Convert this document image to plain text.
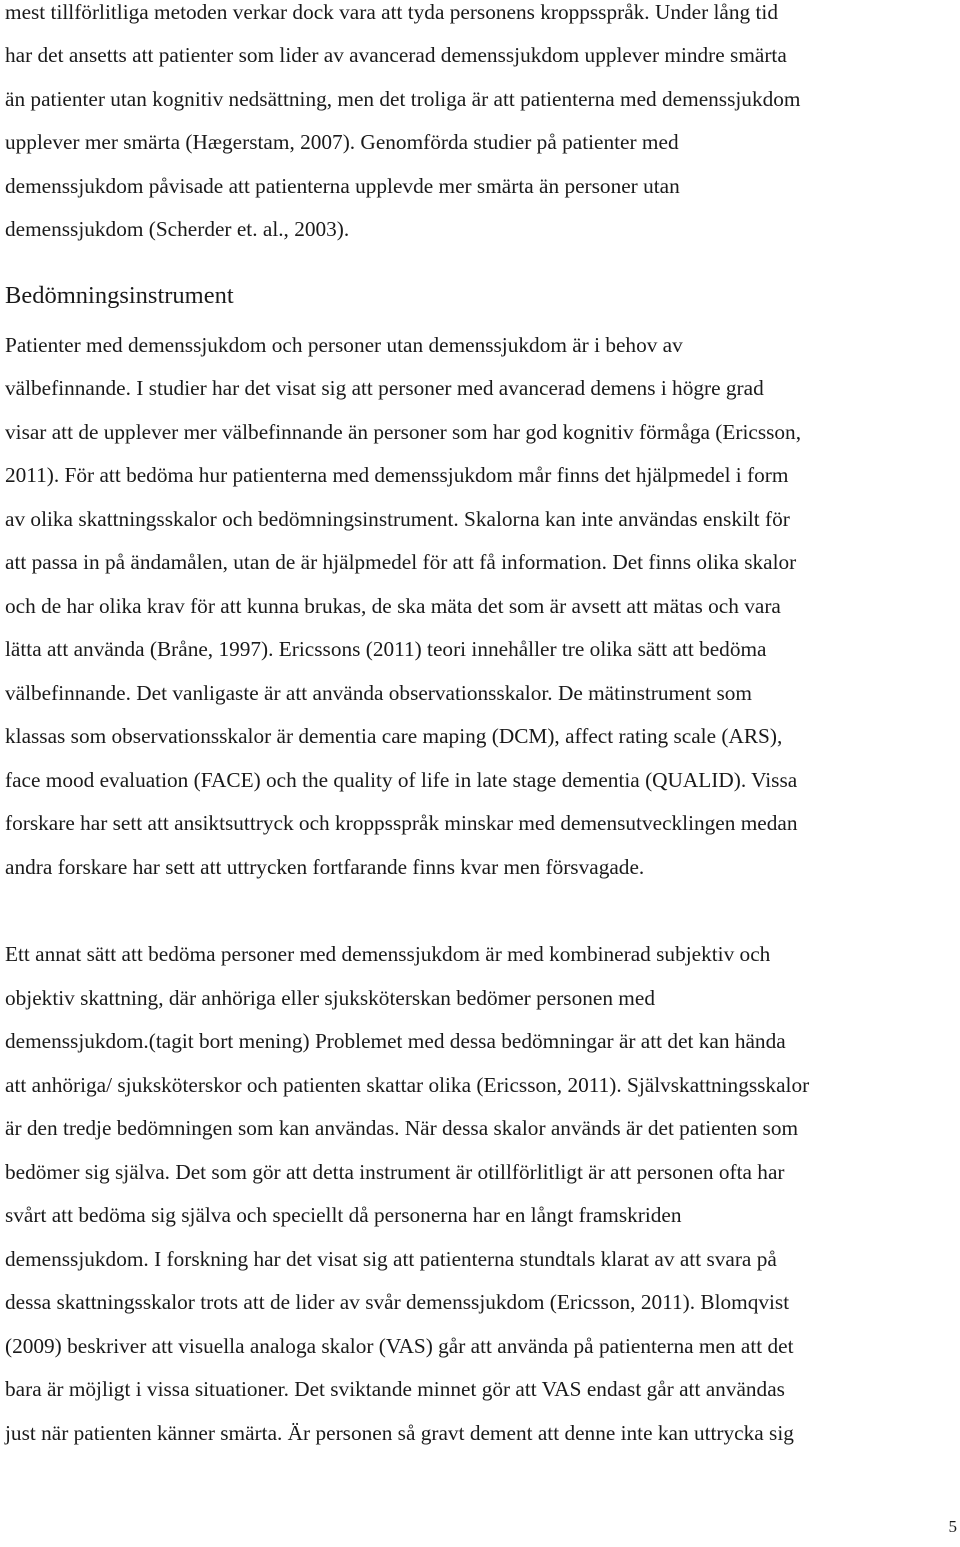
mest tillförlitliga metoden verkar dock vara att tyda personens kroppsspråk. Under lång tid
har det ansetts att patienter som lider av avancerad demenssjukdom upplever mindre smärta
än patienter utan kognitiv nedsättning, men det troliga är att patienterna med demenssjukdom
upplever mer smärta (Hægerstam, 2007). Genomförda studier på patienter med
demenssjukdom påvisade att patienterna upplevde mer smärta än personer utan
demenssjukdom (Scherder et. al., 2003).
Bedömningsinstrument
Patienter med demenssjukdom och personer utan demenssjukdom är i behov av
välbefinnande. I studier har det visat sig att personer med avancerad demens i högre grad
visar att de upplever mer välbefinnande än personer som har god kognitiv förmåga (Ericsson,
2011). För att bedöma hur patienterna med demenssjukdom mår finns det hjälpmedel i form
av olika skattningsskalor och bedömningsinstrument. Skalorna kan inte användas enskilt för
att passa in på ändamålen, utan de är hjälpmedel för att få information. Det finns olika skalor
och de har olika krav för att kunna brukas, de ska mäta det som är avsett att mätas och vara
lätta att använda (Bråne, 1997). Ericssons (2011) teori innehåller tre olika sätt att bedöma
välbefinnande. Det vanligaste är att använda observationsskalor. De mätinstrument som
klassas som observationsskalor är dementia care maping (DCM), affect rating scale (ARS),
face mood evaluation (FACE) och the quality of life in late stage dementia (QUALID). Vissa
forskare har sett att ansiktsuttryck och kroppsspråk minskar med demensutvecklingen medan
andra forskare har sett att uttrycken fortfarande finns kvar men försvagade.
Ett annat sätt att bedöma personer med demenssjukdom är med kombinerad subjektiv och
objektiv skattning, där anhöriga eller sjuksköterskan bedömer personen med
demenssjukdom.(tagit bort mening) Problemet med dessa bedömningar är att det kan hända
att anhöriga/ sjuksköterskor och patienten skattar olika (Ericsson, 2011). Självskattningsskalor
är den tredje bedömningen som kan användas. När dessa skalor används är det patienten som
bedömer sig själva. Det som gör att detta instrument är otillförlitligt är att personen ofta har
svårt att bedöma sig själva och speciellt då personerna har en långt framskriden
demenssjukdom. I forskning har det visat sig att patienterna stundtals klarat av att svara på
dessa skattningsskalor trots att de lider av svår demenssjukdom (Ericsson, 2011). Blomqvist
(2009) beskriver att visuella analoga skalor (VAS) går att använda på patienterna men att det
bara är möjligt i vissa situationer. Det sviktande minnet gör att VAS endast går att användas
just när patienten känner smärta. Är personen så gravt dement att denne inte kan uttrycka sig
5
